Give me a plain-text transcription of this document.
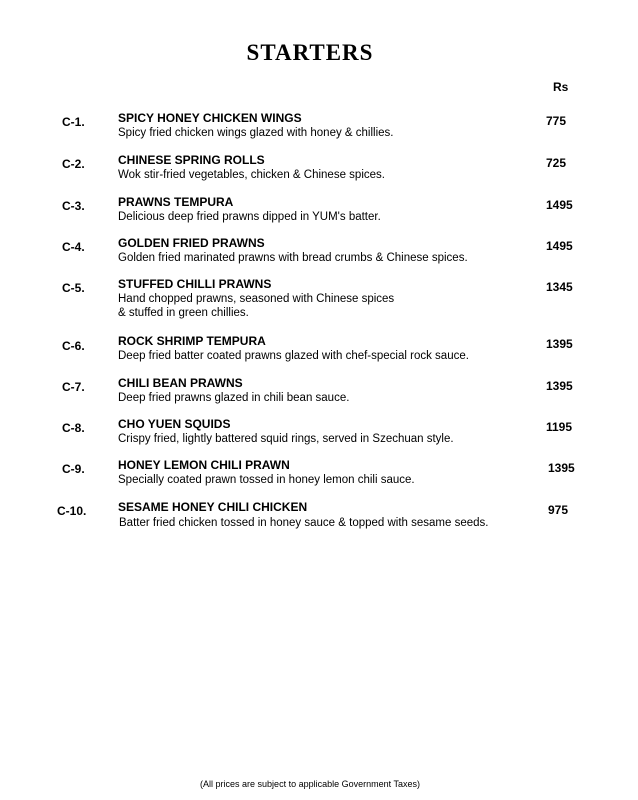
STARTERS
Rs
C-1.	SPICY HONEY CHICKEN WINGS
Spicy fried chicken wings glazed with honey & chillies.
775
C-2.	CHINESE SPRING ROLLS
Wok stir-fried vegetables, chicken & Chinese spices.
725
C-3.	PRAWNS TEMPURA
Delicious deep fried prawns dipped in YUM's batter.
1495
C-4.	GOLDEN FRIED PRAWNS
Golden fried marinated prawns with bread crumbs & Chinese spices.
1495
C-5.	STUFFED CHILLI PRAWNS
Hand chopped prawns, seasoned with Chinese spices
& stuffed in green chillies.
1345
C-6.	ROCK SHRIMP TEMPURA
Deep fried batter coated prawns glazed with chef-special rock sauce.
1395
C-7.	CHILI BEAN PRAWNS
Deep fried prawns glazed in chili bean sauce.
1395
C-8.	CHO YUEN SQUIDS
Crispy fried, lightly battered squid rings, served in Szechuan style.
1195
C-9.	HONEY LEMON CHILI PRAWN
Specially coated prawn tossed in honey lemon chili sauce.
1395
C-10.	SESAME HONEY CHILI CHICKEN
Batter fried chicken tossed in honey sauce & topped with sesame seeds.
975
(All prices are subject to applicable Government Taxes)
